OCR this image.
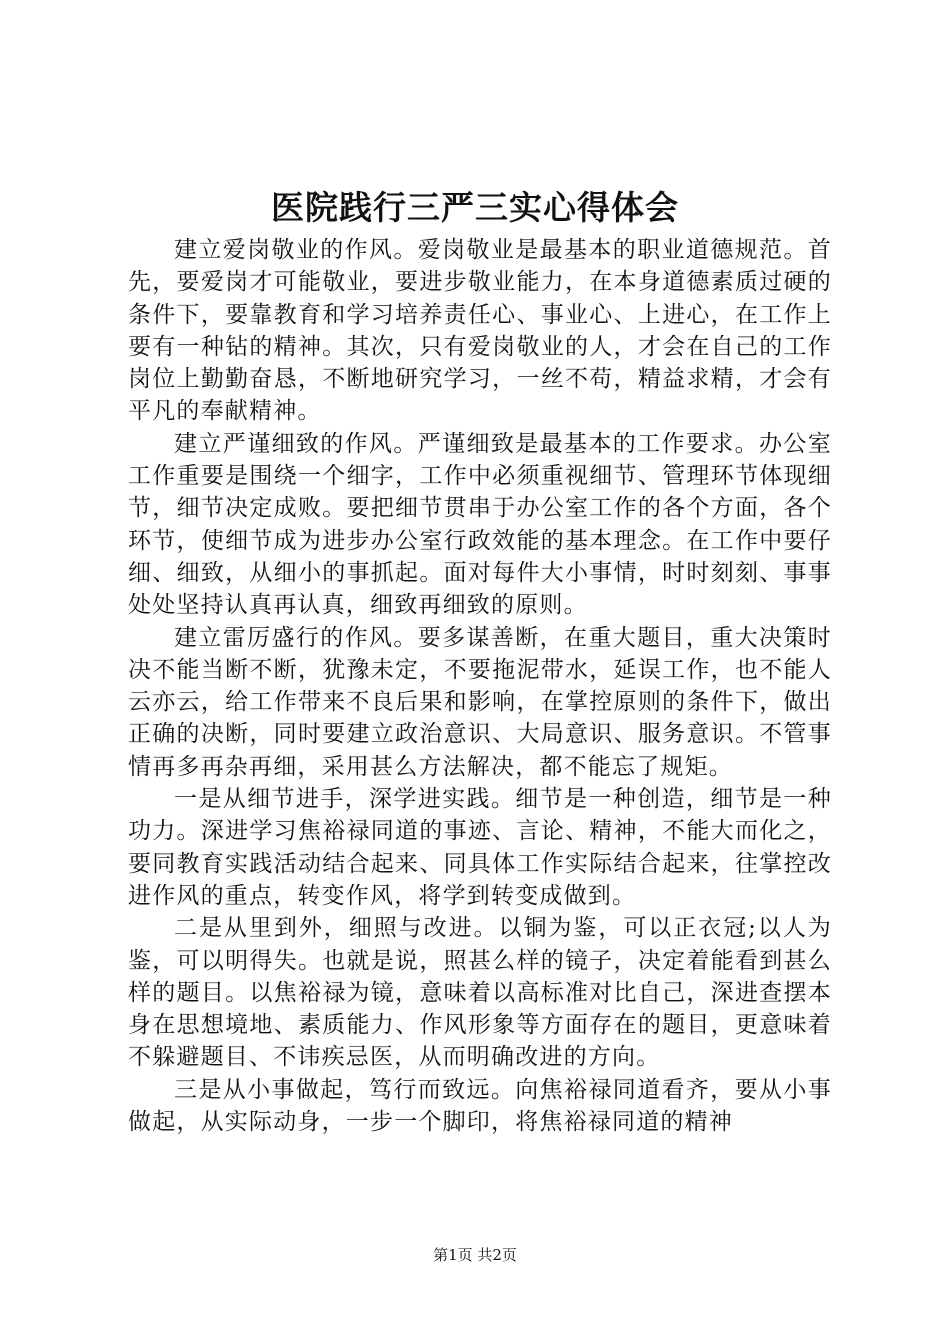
医院践行三严三实心得体会

建立爱岗敬业的作风。爱岗敬业是最基本的职业道德规范。首先，要爱岗才可能敬业，要进步敬业能力，在本身道德素质过硬的条件下，要靠教育和学习培养责任心、事业心、上进心，在工作上要有一种钻的精神。其次，只有爱岗敬业的人，才会在自己的工作岗位上勤勤奋恳，不断地研究学习，一丝不苟，精益求精，才会有平凡的奉献精神。

建立严谨细致的作风。严谨细致是最基本的工作要求。办公室工作重要是围绕一个细字，工作中必须重视细节、管理环节体现细节，细节决定成败。要把细节贯串于办公室工作的各个方面，各个环节，使细节成为进步办公室行政效能的基本理念。在工作中要仔细、细致，从细小的事抓起。面对每件大小事情，时时刻刻、事事处处坚持认真再认真，细致再细致的原则。

建立雷厉盛行的作风。要多谋善断，在重大题目，重大决策时决不能当断不断，犹豫未定，不要拖泥带水，延误工作，也不能人云亦云，给工作带来不良后果和影响，在掌控原则的条件下，做出正确的决断，同时要建立政治意识、大局意识、服务意识。不管事情再多再杂再细，采用甚么方法解决，都不能忘了规矩。

一是从细节进手，深学进实践。细节是一种创造，细节是一种功力。深进学习焦裕禄同道的事迹、言论、精神，不能大而化之，要同教育实践活动结合起来、同具体工作实际结合起来，往掌控改进作风的重点，转变作风，将学到转变成做到。

二是从里到外，细照与改进。以铜为鉴，可以正衣冠;以人为鉴，可以明得失。也就是说，照甚么样的镜子，决定着能看到甚么样的题目。以焦裕禄为镜，意味着以高标准对比自己，深进查摆本身在思想境地、素质能力、作风形象等方面存在的题目，更意味着不躲避题目、不讳疾忌医，从而明确改进的方向。

三是从小事做起，笃行而致远。向焦裕禄同道看齐，要从小事做起，从实际动身，一步一个脚印，将焦裕禄同道的精神

第1页 共2页
